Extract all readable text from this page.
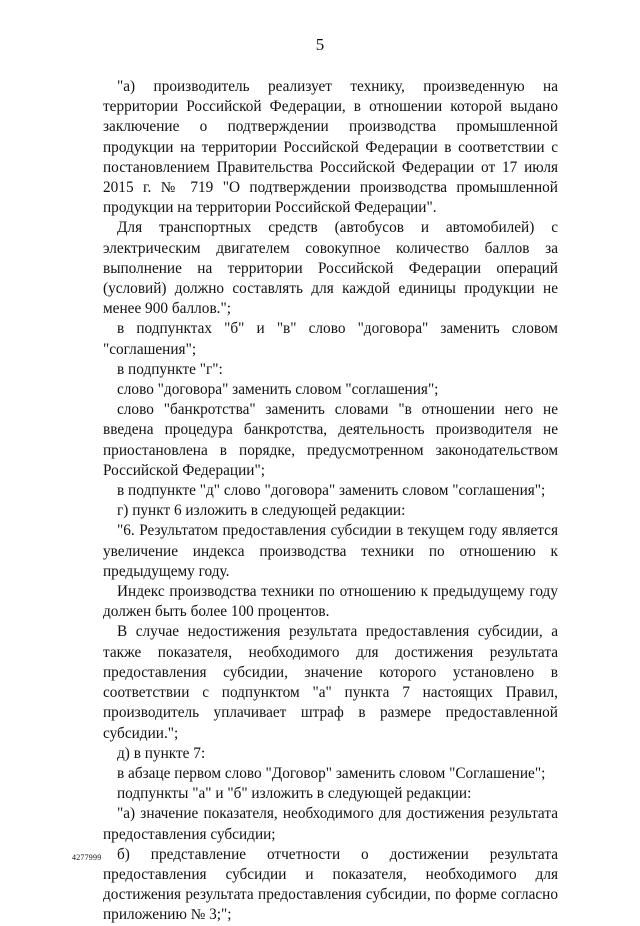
5

"а) производитель реализует технику, произведенную на территории Российской Федерации, в отношении которой выдано заключение о подтверждении производства промышленной продукции на территории Российской Федерации в соответствии с постановлением Правительства Российской Федерации от 17 июля 2015 г. № 719 "О подтверждении производства промышленной продукции на территории Российской Федерации".

Для транспортных средств (автобусов и автомобилей) с электрическим двигателем совокупное количество баллов за выполнение на территории Российской Федерации операций (условий) должно составлять для каждой единицы продукции не менее 900 баллов.";

в подпунктах "б" и "в" слово "договора" заменить словом "соглашения";

в подпункте "г":

слово "договора" заменить словом "соглашения";

слово "банкротства" заменить словами "в отношении него не введена процедура банкротства, деятельность производителя не приостановлена в порядке, предусмотренном законодательством Российской Федерации";

в подпункте "д" слово "договора" заменить словом "соглашения";

г) пункт 6 изложить в следующей редакции:

"6. Результатом предоставления субсидии в текущем году является увеличение индекса производства техники по отношению к предыдущему году.

Индекс производства техники по отношению к предыдущему году должен быть более 100 процентов.

В случае недостижения результата предоставления субсидии, а также показателя, необходимого для достижения результата предоставления субсидии, значение которого установлено в соответствии с подпунктом "а" пункта 7 настоящих Правил, производитель уплачивает штраф в размере предоставленной субсидии.";

д) в пункте 7:

в абзаце первом слово "Договор" заменить словом "Соглашение";

подпункты "а" и "б" изложить в следующей редакции:

"а) значение показателя, необходимого для достижения результата предоставления субсидии;

б) представление отчетности о достижении результата предоставления субсидии и показателя, необходимого для достижения результата предоставления субсидии, по форме согласно приложению № 3;";

4277999
